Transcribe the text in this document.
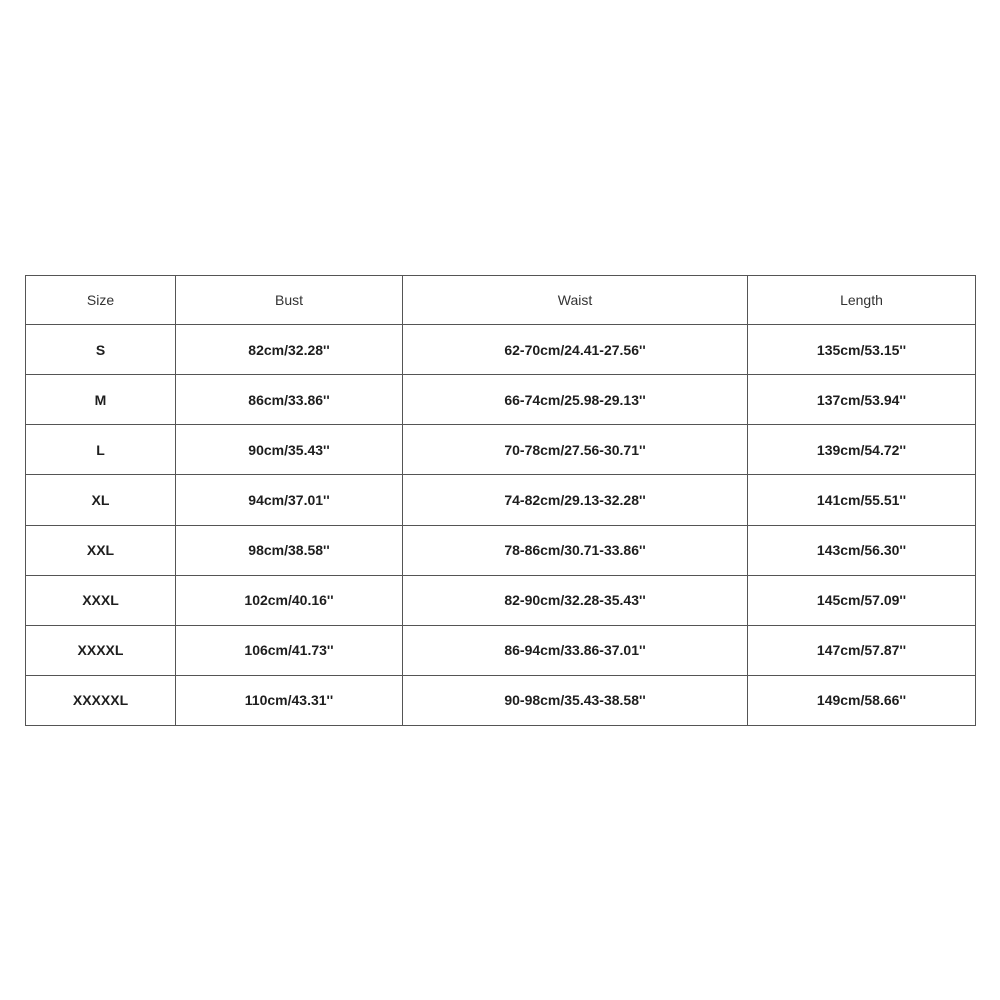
Size	Bust	Waist	Length
S	82cm/32.28''	62-70cm/24.41-27.56''	135cm/53.15''
M	86cm/33.86''	66-74cm/25.98-29.13''	137cm/53.94''
L	90cm/35.43''	70-78cm/27.56-30.71''	139cm/54.72''
XL	94cm/37.01''	74-82cm/29.13-32.28''	141cm/55.51''
XXL	98cm/38.58''	78-86cm/30.71-33.86''	143cm/56.30''
XXXL	102cm/40.16''	82-90cm/32.28-35.43''	145cm/57.09''
XXXXL	106cm/41.73''	86-94cm/33.86-37.01''	147cm/57.87''
XXXXXL	110cm/43.31''	90-98cm/35.43-38.58''	149cm/58.66''
